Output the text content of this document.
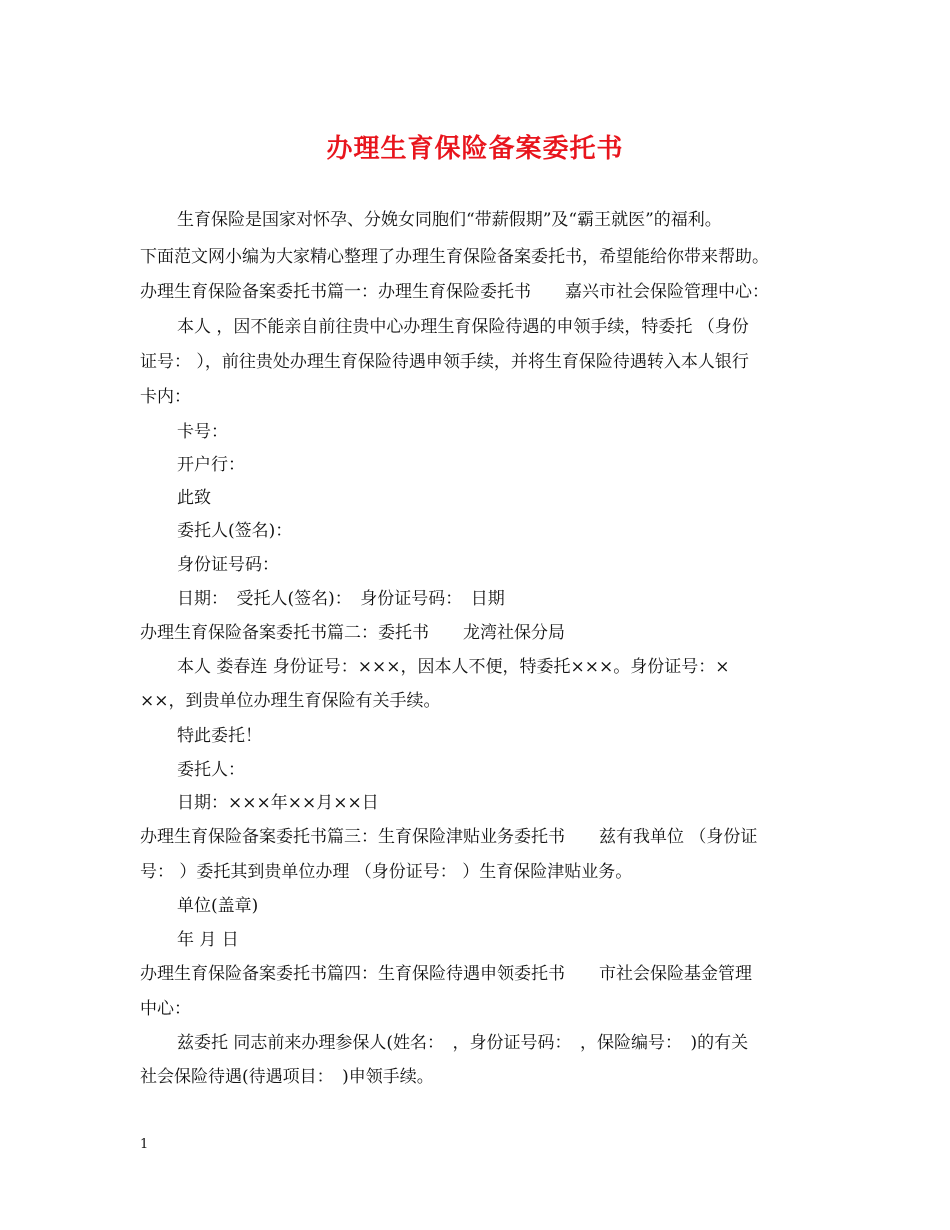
办理生育保险备案委托书
生育保险是国家对怀孕、分娩女同胞们“带薪假期”及“霸王就医”的福利。
下面范文网小编为大家精心整理了办理生育保险备案委托书，希望能给你带来帮助。
办理生育保险备案委托书篇一：办理生育保险委托书　　嘉兴市社会保险管理中心：
本人 ，因不能亲自前往贵中心办理生育保险待遇的申领手续，特委托 （身份
证号： ），前往贵处办理生育保险待遇申领手续，并将生育保险待遇转入本人银行
卡内：
卡号：
开户行：
此致
委托人(签名)：
身份证号码：
日期：　受托人(签名)：　身份证号码：　日期
办理生育保险备案委托书篇二：委托书　　龙湾社保分局
本人 娄春连 身份证号：×××，因本人不便，特委托×××。身份证号：×
××，到贵单位办理生育保险有关手续。
特此委托！
委托人：
日期：×××年××月××日
办理生育保险备案委托书篇三：生育保险津贴业务委托书　　兹有我单位 （身份证
号： ）委托其到贵单位办理 （身份证号： ）生育保险津贴业务。
单位(盖章)
年 月 日
办理生育保险备案委托书篇四：生育保险待遇申领委托书　　市社会保险基金管理
中心：
兹委托 同志前来办理参保人(姓名：　，身份证号码：　，保险编号：　)的有关
社会保险待遇(待遇项目：　)申领手续。
1
